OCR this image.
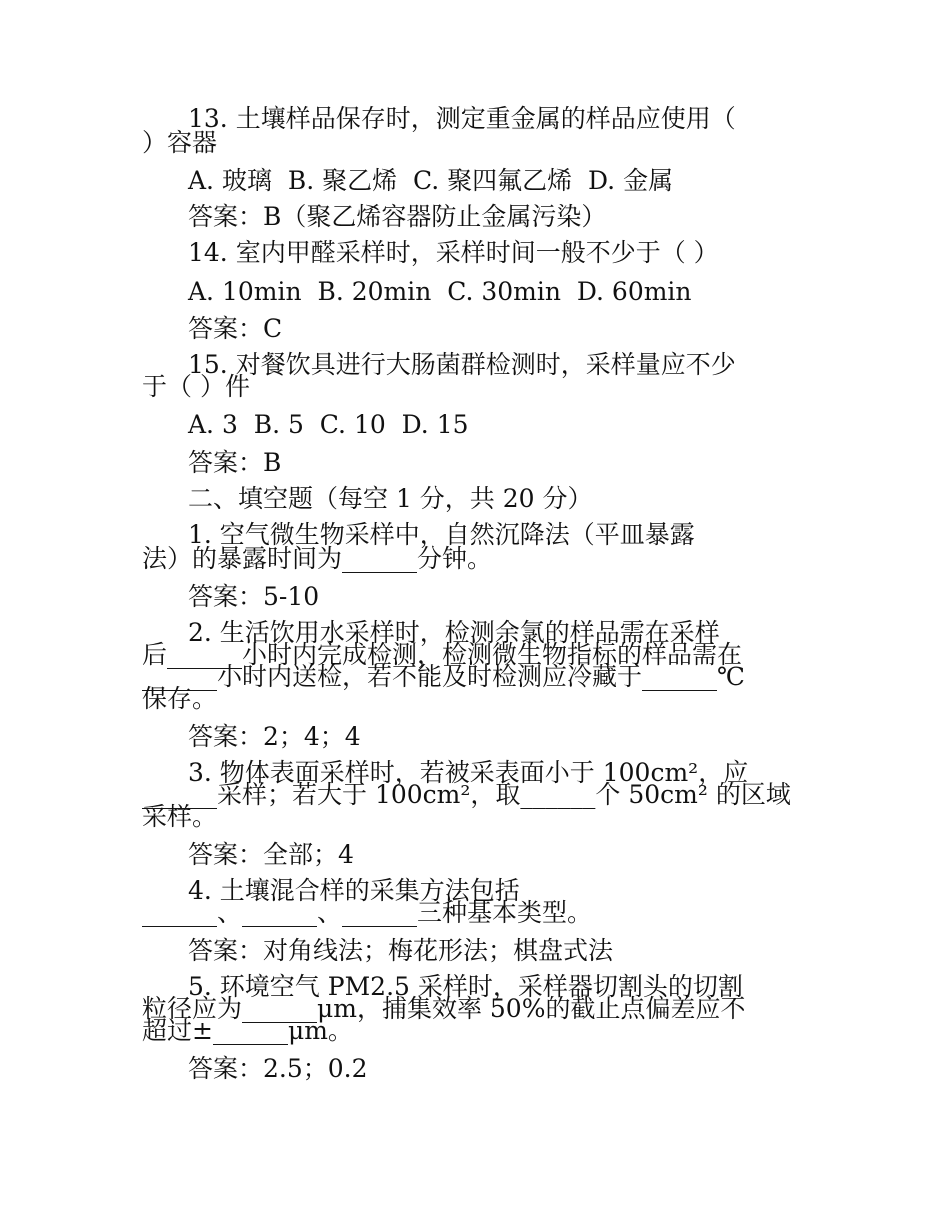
13. 土壤样品保存时，测定重金属的样品应使用（
）容器
A. 玻璃  B. 聚乙烯  C. 聚四氟乙烯  D. 金属
答案：B（聚乙烯容器防止金属污染）
14. 室内甲醛采样时，采样时间一般不少于（ ）
A. 10min  B. 20min  C. 30min  D. 60min
答案：C
15. 对餐饮具进行大肠菌群检测时，采样量应不少
于（ ）件
A. 3  B. 5  C. 10  D. 15
答案：B
二、填空题（每空 1 分，共 20 分）
1. 空气微生物采样中，自然沉降法（平皿暴露
法）的暴露时间为______分钟。
答案：5-10
2. 生活饮用水采样时，检测余氯的样品需在采样
后______小时内完成检测，检测微生物指标的样品需在
______小时内送检，若不能及时检测应冷藏于______℃
保存。
答案：2；4；4
3. 物体表面采样时，若被采表面小于 100cm²，应
______采样；若大于 100cm²，取______个 50cm² 的区域
采样。
答案：全部；4
4. 土壤混合样的采集方法包括
______、______、______三种基本类型。
答案：对角线法；梅花形法；棋盘式法
5. 环境空气 PM2.5 采样时，采样器切割头的切割
粒径应为______μm，捕集效率 50%的截止点偏差应不
超过±______μm。
答案：2.5；0.2
